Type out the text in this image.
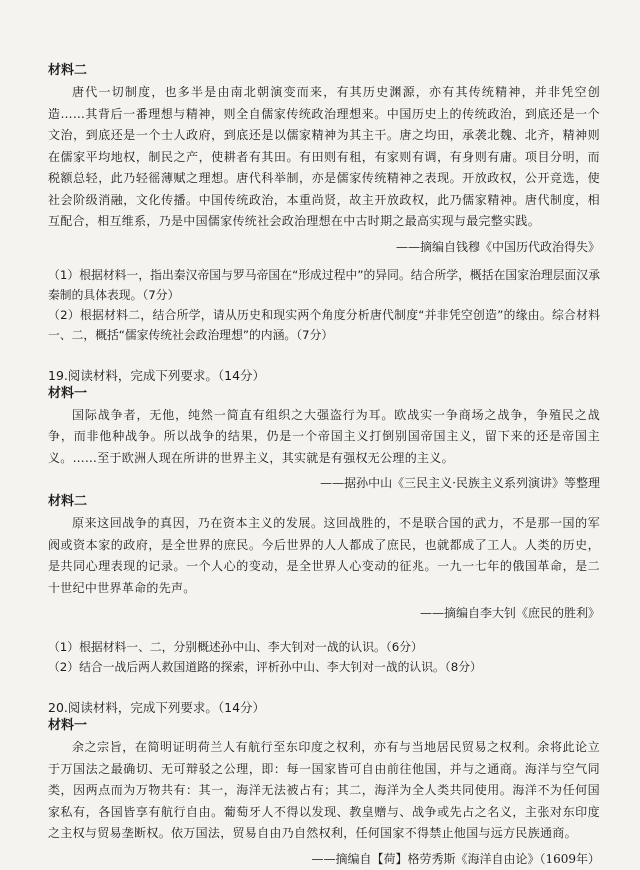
材料二

唐代一切制度，也多半是由南北朝演变而来，有其历史渊源，亦有其传统精神，并非凭空创造……其背后一番理想与精神，则全自儒家传统政治理想来。中国历史上的传统政治，到底还是一个文治，到底还是一个士人政府，到底还是以儒家精神为其主干。唐之均田，承袭北魏、北齐，精神则在儒家平均地权，制民之产，使耕者有其田。有田则有租，有家则有调，有身则有庸。项目分明，而税额总轻，此乃轻徭薄赋之理想。唐代科举制，亦是儒家传统精神之表现。开放政权，公开竞选，使社会阶级消融，文化传播。中国传统政治，本重尚贤，故主开放政权，此乃儒家精神。唐代制度，相互配合，相互维系，乃是中国儒家传统社会政治理想在中古时期之最高实现与最完整实践。

——摘编自钱穆《中国历代政治得失》

（1）根据材料一，指出秦汉帝国与罗马帝国在“形成过程中”的异同。结合所学，概括在国家治理层面汉承秦制的具体表现。（7分）

（2）根据材料二，结合所学，请从历史和现实两个角度分析唐代制度“并非凭空创造”的缘由。综合材料一、二，概括“儒家传统社会政治理想”的内涵。（7分）

19.阅读材料，完成下列要求。（14分）

材料一

国际战争者，无他，纯然一简直有组织之大强盗行为耳。欧战实一争商场之战争，争殖民之战争，而非他种战争。所以战争的结果，仍是一个帝国主义打倒别国帝国主义，留下来的还是帝国主义。……至于欧洲人现在所讲的世界主义，其实就是有强权无公理的主义。

——据孙中山《三民主义·民族主义系列演讲》等整理

材料二

原来这回战争的真因，乃在资本主义的发展。这回战胜的，不是联合国的武力，不是那一国的军阀或资本家的政府，是全世界的庶民。今后世界的人人都成了庶民，也就都成了工人。人类的历史，是共同心理表现的记录。一个人心的变动，是全世界人心变动的征兆。一九一七年的俄国革命，是二十世纪中世界革命的先声。

——摘编自李大钊《庶民的胜利》

（1）根据材料一、二，分别概述孙中山、李大钊对一战的认识。（6分）

（2）结合一战后两人救国道路的探索，评析孙中山、李大钊对一战的认识。（8分）

20.阅读材料，完成下列要求。（14分）

材料一

余之宗旨，在简明证明荷兰人有航行至东印度之权利，亦有与当地居民贸易之权利。余将此论立于万国法之最确切、无可辩驳之公理，即：每一国家皆可自由前往他国，并与之通商。海洋与空气同类，因两点而为万物共有：其一，海洋无法被占有；其二，海洋为全人类共同使用。海洋不为任何国家私有，各国皆享有航行自由。葡萄牙人不得以发现、教皇赠与、战争或先占之名义，主张对东印度之主权与贸易垄断权。依万国法，贸易自由乃自然权利，任何国家不得禁止他国与远方民族通商。

——摘编自【荷】格劳秀斯《海洋自由论》（1609年）
